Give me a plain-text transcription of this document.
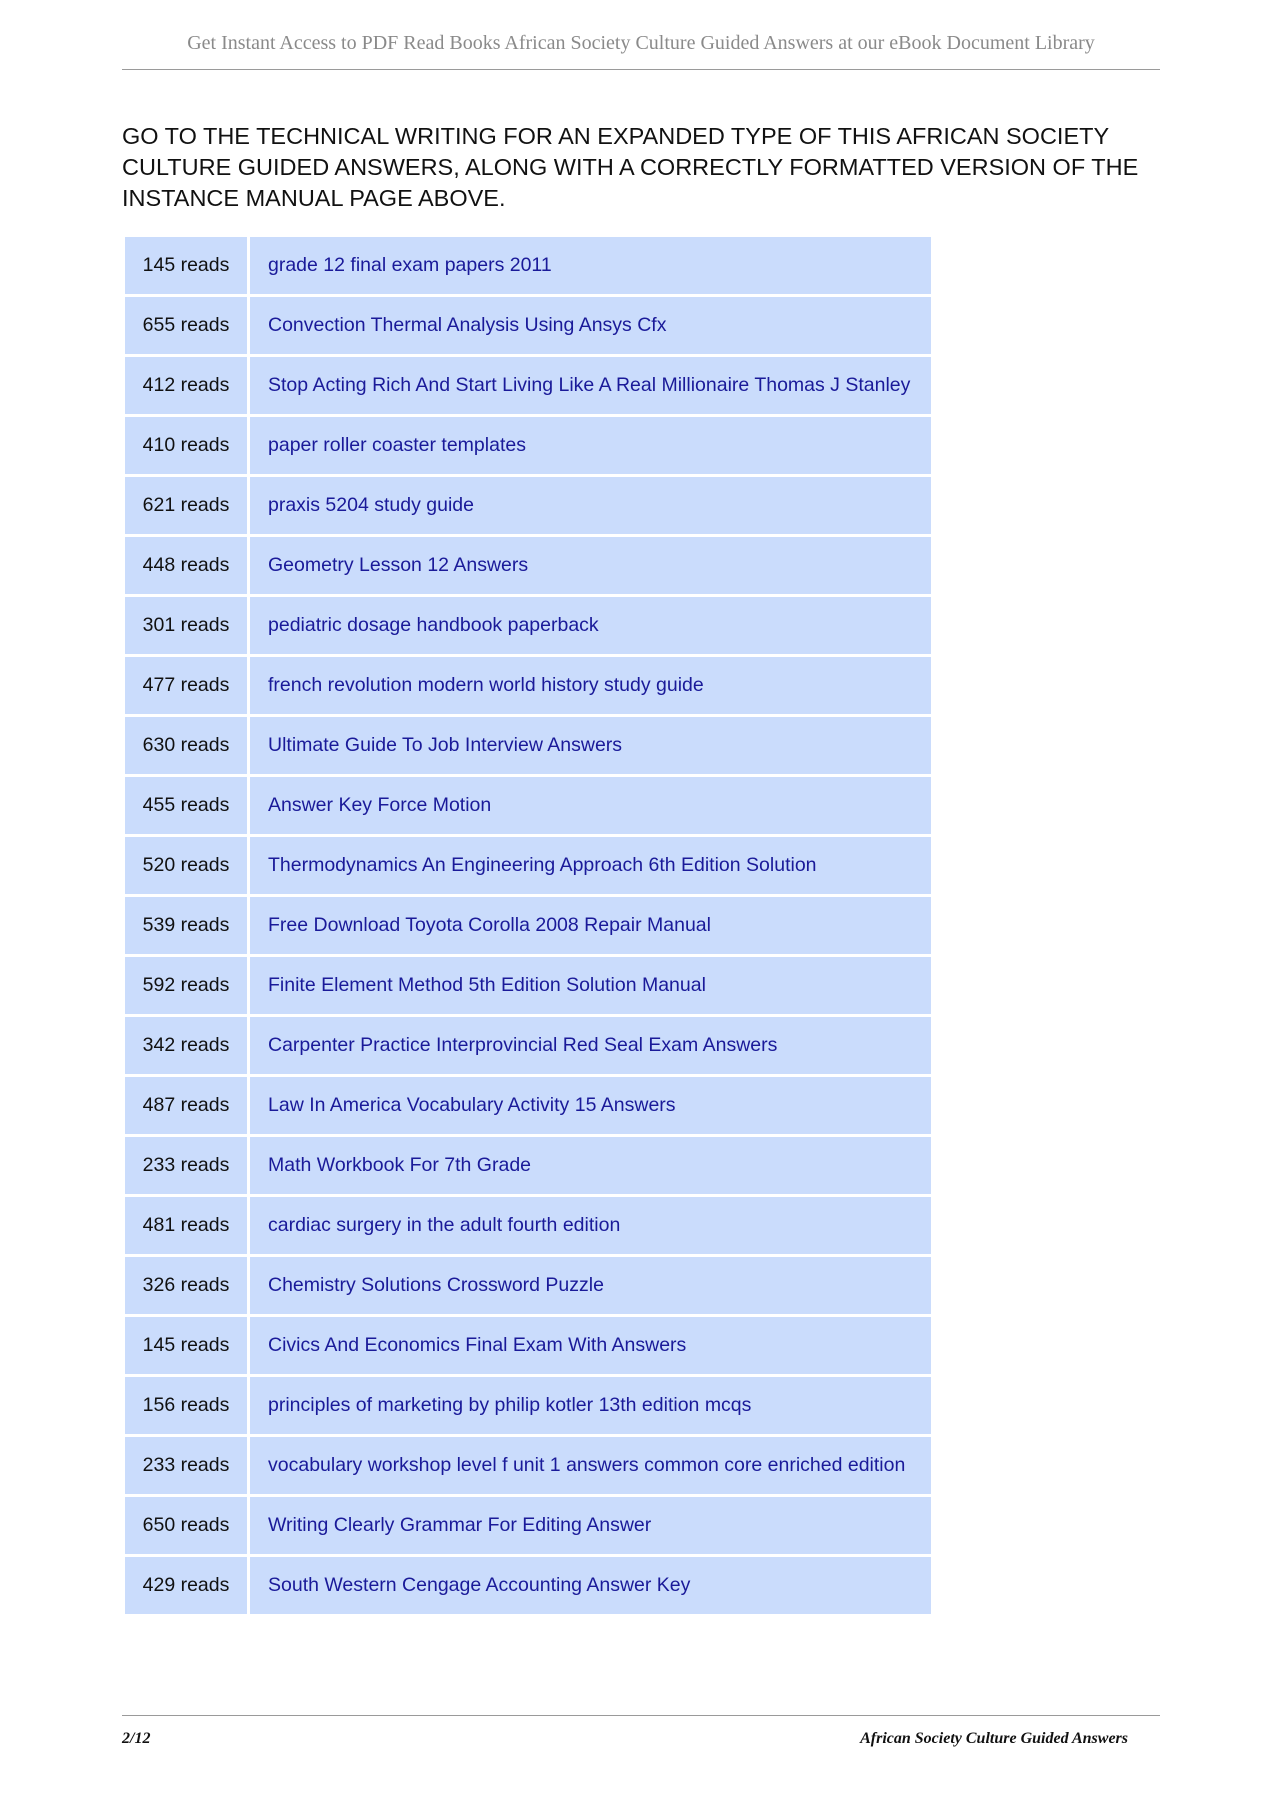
Get Instant Access to PDF Read Books African Society Culture Guided Answers at our eBook Document Library
GO TO THE TECHNICAL WRITING FOR AN EXPANDED TYPE OF THIS AFRICAN SOCIETY CULTURE GUIDED ANSWERS, ALONG WITH A CORRECTLY FORMATTED VERSION OF THE INSTANCE MANUAL PAGE ABOVE.
145 reads	grade 12 final exam papers 2011
655 reads	Convection Thermal Analysis Using Ansys Cfx
412 reads	Stop Acting Rich And Start Living Like A Real Millionaire Thomas J Stanley
410 reads	paper roller coaster templates
621 reads	praxis 5204 study guide
448 reads	Geometry Lesson 12 Answers
301 reads	pediatric dosage handbook paperback
477 reads	french revolution modern world history study guide
630 reads	Ultimate Guide To Job Interview Answers
455 reads	Answer Key Force Motion
520 reads	Thermodynamics An Engineering Approach 6th Edition Solution
539 reads	Free Download Toyota Corolla 2008 Repair Manual
592 reads	Finite Element Method 5th Edition Solution Manual
342 reads	Carpenter Practice Interprovincial Red Seal Exam Answers
487 reads	Law In America Vocabulary Activity 15 Answers
233 reads	Math Workbook For 7th Grade
481 reads	cardiac surgery in the adult fourth edition
326 reads	Chemistry Solutions Crossword Puzzle
145 reads	Civics And Economics Final Exam With Answers
156 reads	principles of marketing by philip kotler 13th edition mcqs
233 reads	vocabulary workshop level f unit 1 answers common core enriched edition
650 reads	Writing Clearly Grammar For Editing Answer
429 reads	South Western Cengage Accounting Answer Key
2/12	African Society Culture Guided Answers
